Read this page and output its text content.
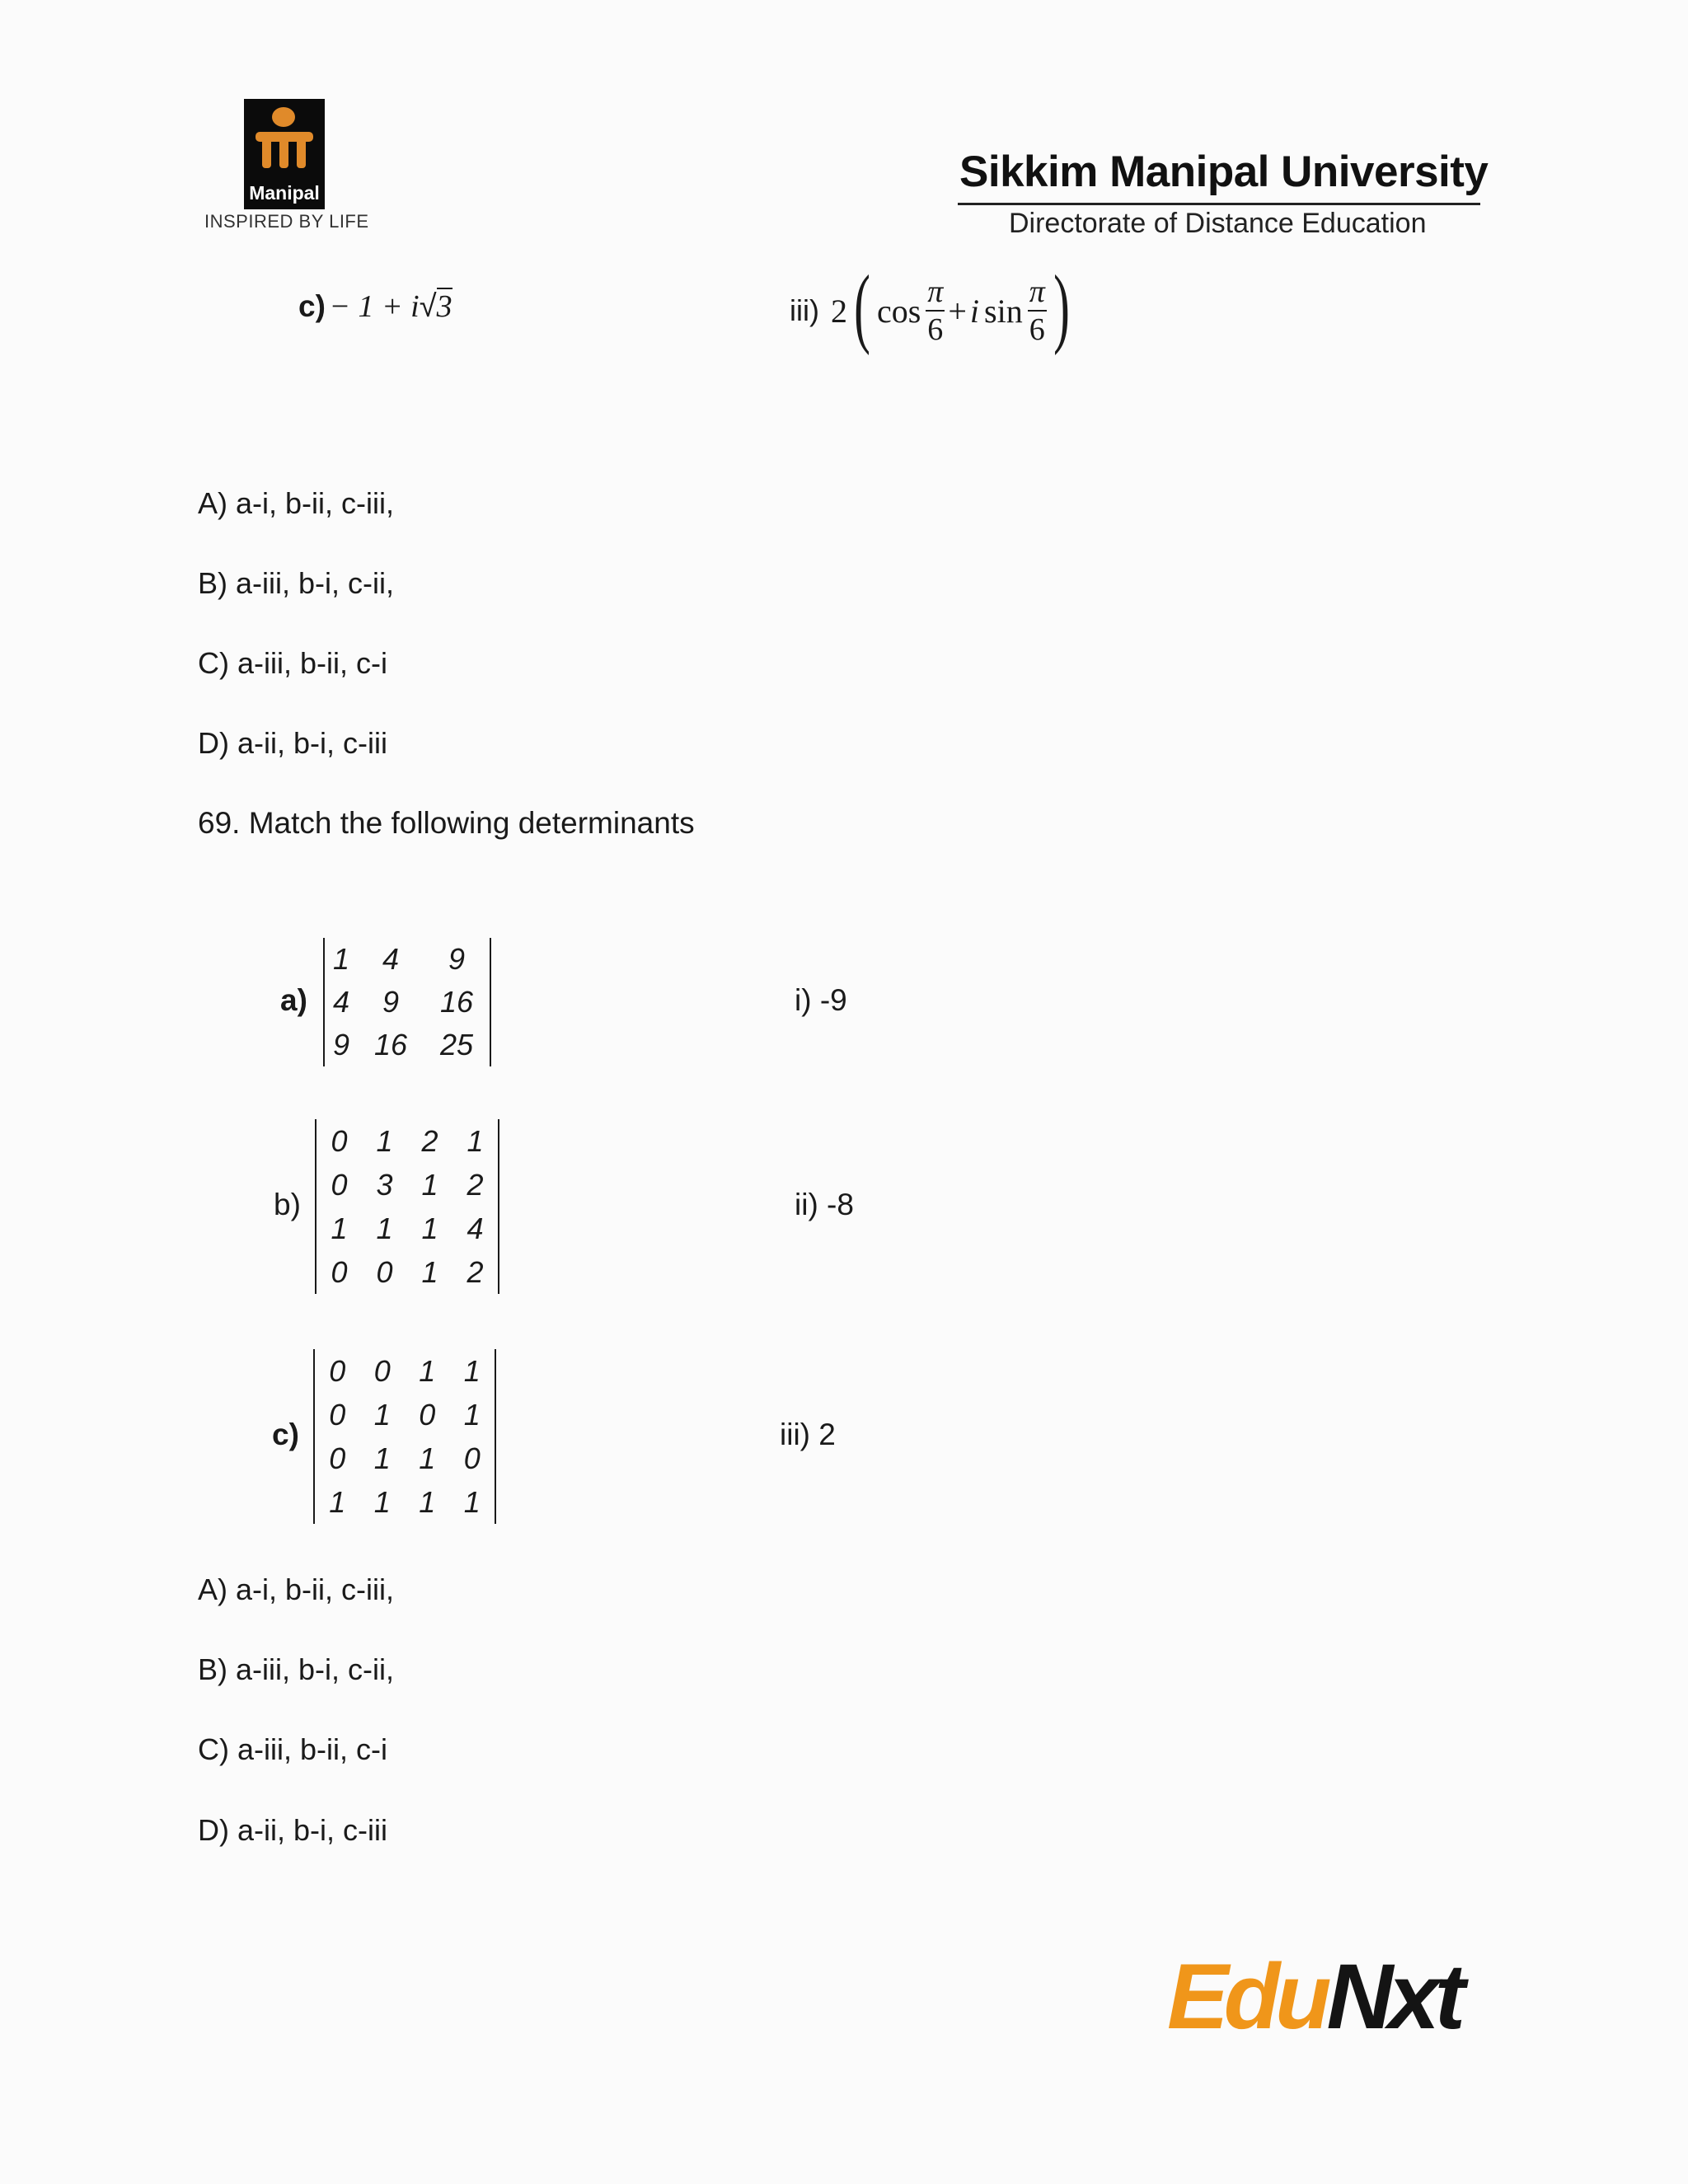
Manipal
INSPIRED BY LIFE
Sikkim Manipal University
Directorate of Distance Education
c) − 1 + i√3	iii) 2 ( $\cos \frac{\pi}{6} + i$ $\sin \frac{\pi}{6}$ )
A) a-i, b-ii, c-iii,
B) a-iii, b-i, c-ii,
C) a-iii, b-ii, c-i
D) a-ii, b-i, c-iii
69. Match the following determinants
a)
1	4	9
4	9	16
9	16	25
i) -9
b)
0	1	2	1
0	3	1	2
1	1	1	4
0	0	1	2
ii) -8
c)
0	0	1	1
0	1	0	1
0	1	1	0
1	1	1	1
iii) 2
A) a-i, b-ii, c-iii,
B) a-iii, b-i, c-ii,
C) a-iii, b-ii, c-i
D) a-ii, b-i, c-iii
EduNxt
